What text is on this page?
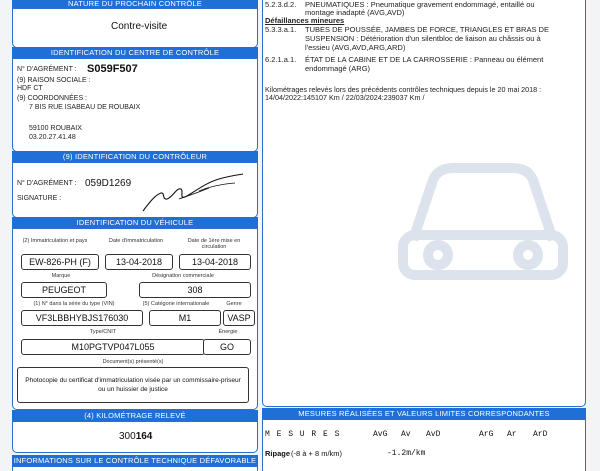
NATURE DU PROCHAIN CONTRÔLE
Contre-visite
IDENTIFICATION DU CENTRE DE CONTRÔLE
N° D'AGRÉMENT : S059F507
(9) RAISON SOCIALE :
HDF CT
(9) COORDONNÉES :
7 BIS RUE ISABEAU DE ROUBAIX
59100 ROUBAIX
03.20.27.41.48
(9) IDENTIFICATION DU CONTRÔLEUR
N° D'AGRÉMENT : 059D1269
SIGNATURE :
IDENTIFICATION DU VÉHICULE
(2) Immatriculation et pays	Date d'immatriculation	Date de 1ère mise en circulation
EW-826-PH (F)	13-04-2018	13-04-2018
Marque	Désignation commerciale
PEUGEOT	308
(1) N° dans la série du type (VIN)	(5) Catégorie internationale	Genre
VF3LBBHYBJS176030	M1	VASP
Type/CNIT	Énergie
M10PGTVP047L055	GO
Document(s) présenté(s)
Photocopie du certificat d'immatriculation visée par un commissaire-priseur ou un huissier de justice
(4) KILOMÉTRAGE RELEVÉ
300164
INFORMATIONS SUR LE CONTRÔLE TECHNIQUE DÉFAVORABLE
5.2.3.d.2. PNEUMATIQUES : Pneumatique gravement endommagé, entaillé ou
montage inadapté (AVG,AVD)
Défaillances mineures
5.3.3.a.1. TUBES DE POUSSÉE, JAMBES DE FORCE, TRIANGLES ET BRAS DE
SUSPENSION : Détérioration d'un silentbloc de liaison au châssis ou à
l'essieu (AVG,AVD,ARG,ARD)
6.2.1.a.1. ÉTAT DE LA CABINE ET DE LA CARROSSERIE : Panneau ou élément
endommagé (ARG)
Kilométrages relevés lors des précédents contrôles techniques depuis le 20 mai 2018 :
14/04/2022:145107 Km / 22/03/2024:239037 Km /
MESURES RÉALISÉES ET VALEURS LIMITES CORRESPONDANTES
M E S U R E S	AvG Av AvD	ArG Ar ArD
Ripage (-8 à + 8 m/km)	-1.2m/km
